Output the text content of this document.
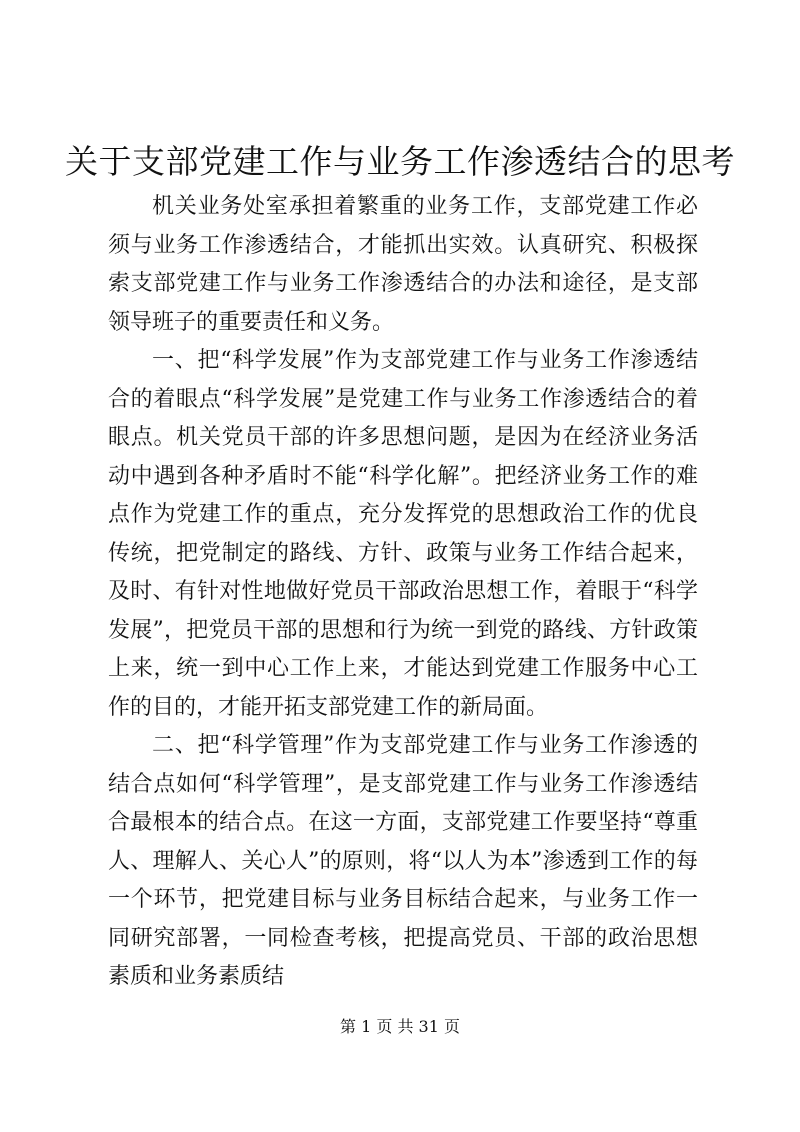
关于支部党建工作与业务工作渗透结合的思考

机关业务处室承担着繁重的业务工作，支部党建工作必须与业务工作渗透结合，才能抓出实效。认真研究、积极探索支部党建工作与业务工作渗透结合的办法和途径，是支部领导班子的重要责任和义务。

一、把“科学发展”作为支部党建工作与业务工作渗透结合的着眼点“科学发展”是党建工作与业务工作渗透结合的着眼点。机关党员干部的许多思想问题，是因为在经济业务活动中遇到各种矛盾时不能“科学化解”。把经济业务工作的难点作为党建工作的重点，充分发挥党的思想政治工作的优良传统，把党制定的路线、方针、政策与业务工作结合起来，及时、有针对性地做好党员干部政治思想工作，着眼于“科学发展”，把党员干部的思想和行为统一到党的路线、方针政策上来，统一到中心工作上来，才能达到党建工作服务中心工作的目的，才能开拓支部党建工作的新局面。

二、把“科学管理”作为支部党建工作与业务工作渗透的结合点如何“科学管理”，是支部党建工作与业务工作渗透结合最根本的结合点。在这一方面，支部党建工作要坚持“尊重人、理解人、关心人”的原则，将“以人为本”渗透到工作的每一个环节，把党建目标与业务目标结合起来，与业务工作一同研究部署，一同检查考核，把提高党员、干部的政治思想素质和业务素质结

第 1 页 共 31 页
